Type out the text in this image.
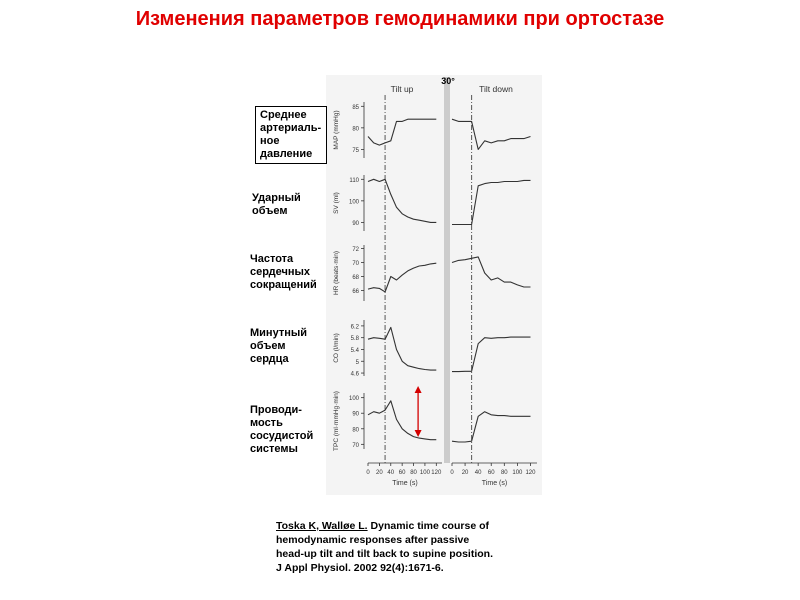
Изменения параметров гемодинамики при ортостазе
30°
Tilt up	Tilt down
75
80
85
MAP (mmHg)
90
100
110
SV (ml)
66
68
70
72
HR (beats·min)
4.6
5
5.4
5.8
6.2
CO (l/min)
70
80
90
100
TPC (ml·mmHg·min)
0 20 40 60 80 100 120
Time (s)
0 20 40 60 80 100 120
Time (s)
Среднее артериаль- ное давление
Ударный объем
Частота сердечных сокращений
Минутный объем сердца
Проводи- мость сосудистой системы
Toska K, Walløe L. Dynamic time course of
hemodynamic responses after passive
head-up tilt and tilt back to supine position.
J Appl Physiol. 2002 92(4):1671-6.
